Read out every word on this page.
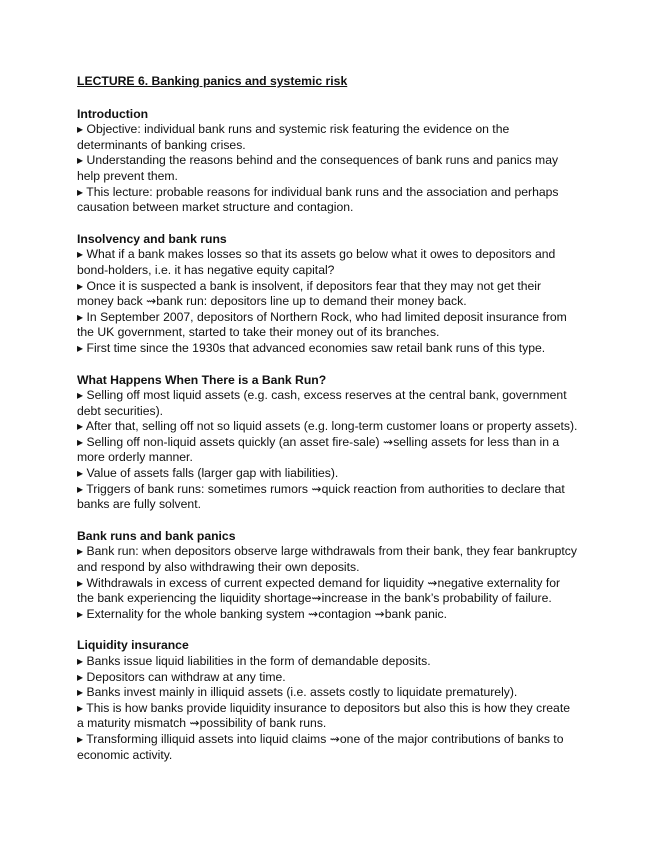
LECTURE 6. Banking panics and systemic risk

Introduction

▸ Objective: individual bank runs and systemic risk featuring the evidence on the determinants of banking crises.

▸ Understanding the reasons behind and the consequences of bank runs and panics may help prevent them.

▸ This lecture: probable reasons for individual bank runs and the association and perhaps causation between market structure and contagion.

Insolvency and bank runs

▸ What if a bank makes losses so that its assets go below what it owes to depositors and bond-holders, i.e. it has negative equity capital?

▸ Once it is suspected a bank is insolvent, if depositors fear that they may not get their money back ⇝bank run: depositors line up to demand their money back.

▸ In September 2007, depositors of Northern Rock, who had limited deposit insurance from the UK government, started to take their money out of its branches.

▸ First time since the 1930s that advanced economies saw retail bank runs of this type.

What Happens When There is a Bank Run?

▸ Selling off most liquid assets (e.g. cash, excess reserves at the central bank, government debt securities).

▸ After that, selling off not so liquid assets (e.g. long-term customer loans or property assets).

▸ Selling off non-liquid assets quickly (an asset fire-sale) ⇝selling assets for less than in a more orderly manner.

▸ Value of assets falls (larger gap with liabilities).

▸ Triggers of bank runs: sometimes rumors ⇝quick reaction from authorities to declare that banks are fully solvent.

Bank runs and bank panics

▸ Bank run: when depositors observe large withdrawals from their bank, they fear bankruptcy and respond by also withdrawing their own deposits.

▸ Withdrawals in excess of current expected demand for liquidity ⇝negative externality for the bank experiencing the liquidity shortage⇝increase in the bank’s probability of failure.

▸ Externality for the whole banking system ⇝contagion ⇝bank panic.

Liquidity insurance

▸ Banks issue liquid liabilities in the form of demandable deposits.

▸ Depositors can withdraw at any time.

▸ Banks invest mainly in illiquid assets (i.e. assets costly to liquidate prematurely).

▸ This is how banks provide liquidity insurance to depositors but also this is how they create a maturity mismatch ⇝possibility of bank runs.

▸ Transforming illiquid assets into liquid claims ⇝one of the major contributions of banks to economic activity.
